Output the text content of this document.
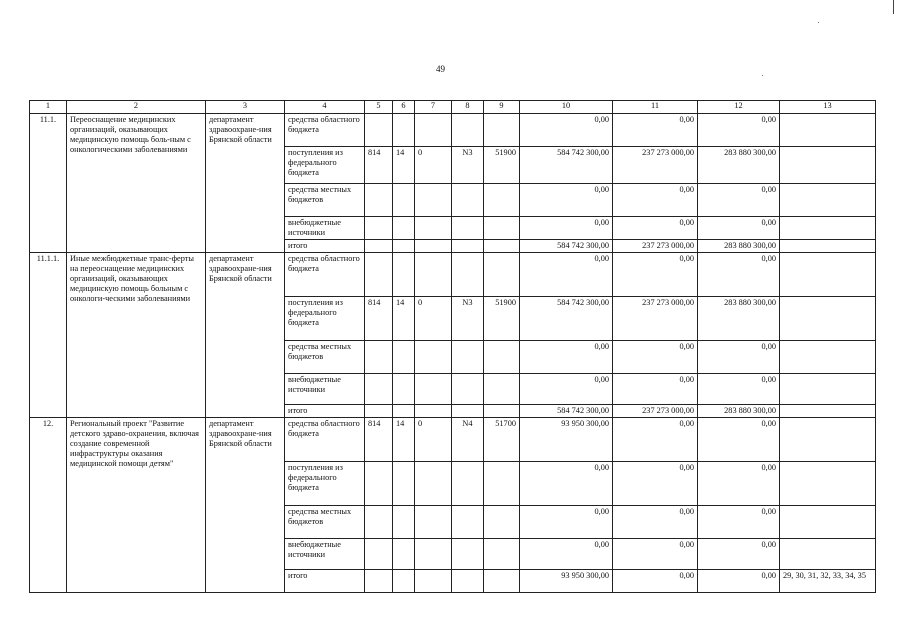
49
1	2	3	4	5	6	7	8	9	10	11	12	13
11.1.	Переоснащение медицинских организаций, оказывающих медицинскую помощь боль-ным с онкологическими заболеваниями	департамент здравоохране-ния Брянской области	средства областного бюджета						0,00	0,00	0,00	
			поступления из федерального бюджета	814	14	0	N3	51900	584 742 300,00	237 273 000,00	283 880 300,00	
			средства местных бюджетов						0,00	0,00	0,00	
			внебюджетные источники						0,00	0,00	0,00	
			итого						584 742 300,00	237 273 000,00	283 880 300,00	
11.1.1.	Иные межбюджетные транс-ферты на переоснащение медицинских организаций, оказывающих медицинскую помощь больным с онкологи-ческими заболеваниями	департамент здравоохране-ния Брянской области	средства областного бюджета						0,00	0,00	0,00	
			поступления из федерального бюджета	814	14	0	N3	51900	584 742 300,00	237 273 000,00	283 880 300,00	
			средства местных бюджетов						0,00	0,00	0,00	
			внебюджетные источники						0,00	0,00	0,00	
			итого						584 742 300,00	237 273 000,00	283 880 300,00	
12.	Региональный проект "Развитие детского здраво-охранения, включая создание современной инфраструктуры оказания медицинской помощи детям"	департамент здравоохране-ния Брянской области	средства областного бюджета	814	14	0	N4	51700	93 950 300,00	0,00	0,00	
			поступления из федерального бюджета						0,00	0,00	0,00	
			средства местных бюджетов						0,00	0,00	0,00	
			внебюджетные источники						0,00	0,00	0,00	
			итого						93 950 300,00	0,00	0,00	29, 30, 31, 32, 33, 34, 35
